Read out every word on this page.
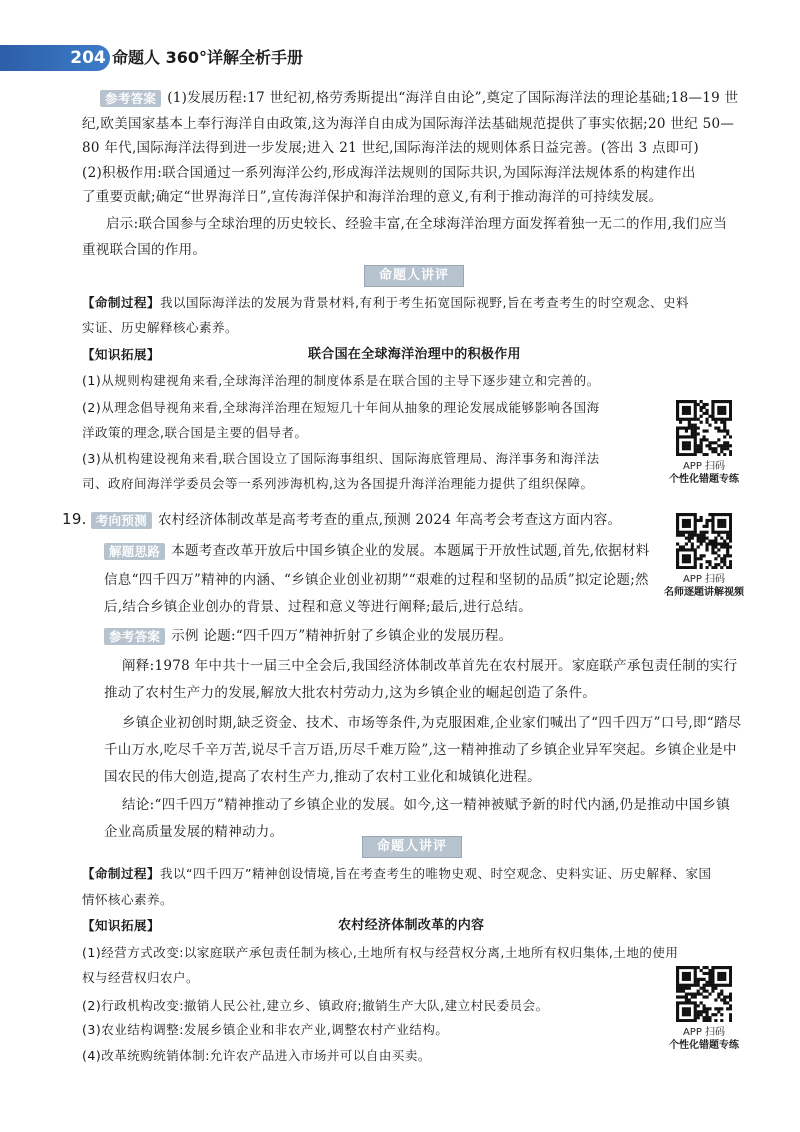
204 命题人 360°详解全析手册
参考答案 (1)发展历程:17 世纪初,格劳秀斯提出“海洋自由论”,奠定了国际海洋法的理论基础;18—19 世
纪,欧美国家基本上奉行海洋自由政策,这为海洋自由成为国际海洋法基础规范提供了事实依据;20 世纪 50—
80 年代,国际海洋法得到进一步发展;进入 21 世纪,国际海洋法的规则体系日益完善。(答出 3 点即可)
(2)积极作用:联合国通过一系列海洋公约,形成海洋法规则的国际共识,为国际海洋法规体系的构建作出
了重要贡献;确定“世界海洋日”,宣传海洋保护和海洋治理的意义,有利于推动海洋的可持续发展。
启示:联合国参与全球治理的历史较长、经验丰富,在全球海洋治理方面发挥着独一无二的作用,我们应当
重视联合国的作用。
命题人讲评
【命制过程】我以国际海洋法的发展为背景材料,有利于考生拓宽国际视野,旨在考查考生的时空观念、史料
实证、历史解释核心素养。
【知识拓展】	联合国在全球海洋治理中的积极作用
(1)从规则构建视角来看,全球海洋治理的制度体系是在联合国的主导下逐步建立和完善的。
(2)从理念倡导视角来看,全球海洋治理在短短几十年间从抽象的理论发展成能够影响各国海
洋政策的理念,联合国是主要的倡导者。
(3)从机构建设视角来看,联合国设立了国际海事组织、国际海底管理局、海洋事务和海洋法
司、政府间海洋学委员会等一系列涉海机构,这为各国提升海洋治理能力提供了组织保障。
APP 扫码
个性化错题专练
19. 考向预测 农村经济体制改革是高考考查的重点,预测 2024 年高考会考查这方面内容。
解题思路 本题考查改革开放后中国乡镇企业的发展。本题属于开放性试题,首先,依据材料
信息“四千四万”精神的内涵、“乡镇企业创业初期”“艰难的过程和坚韧的品质”拟定论题;然
后,结合乡镇企业创办的背景、过程和意义等进行阐释;最后,进行总结。
APP 扫码
名师逐题讲解视频
参考答案 示例 论题:“四千四万”精神折射了乡镇企业的发展历程。
阐释:1978 年中共十一届三中全会后,我国经济体制改革首先在农村展开。家庭联产承包责任制的实行
推动了农村生产力的发展,解放大批农村劳动力,这为乡镇企业的崛起创造了条件。
乡镇企业初创时期,缺乏资金、技术、市场等条件,为克服困难,企业家们喊出了“四千四万”口号,即“踏尽
千山万水,吃尽千辛万苦,说尽千言万语,历尽千难万险”,这一精神推动了乡镇企业异军突起。乡镇企业是中
国农民的伟大创造,提高了农村生产力,推动了农村工业化和城镇化进程。
结论:“四千四万”精神推动了乡镇企业的发展。如今,这一精神被赋予新的时代内涵,仍是推动中国乡镇
企业高质量发展的精神动力。
命题人讲评
【命制过程】我以“四千四万”精神创设情境,旨在考查考生的唯物史观、时空观念、史料实证、历史解释、家国
情怀核心素养。
【知识拓展】	农村经济体制改革的内容
(1)经营方式改变:以家庭联产承包责任制为核心,土地所有权与经营权分离,土地所有权归集体,土地的使用
权与经营权归农户。
(2)行政机构改变:撤销人民公社,建立乡、镇政府;撤销生产大队,建立村民委员会。
(3)农业结构调整:发展乡镇企业和非农产业,调整农村产业结构。
(4)改革统购统销体制:允许农产品进入市场并可以自由买卖。
APP 扫码
个性化错题专练
